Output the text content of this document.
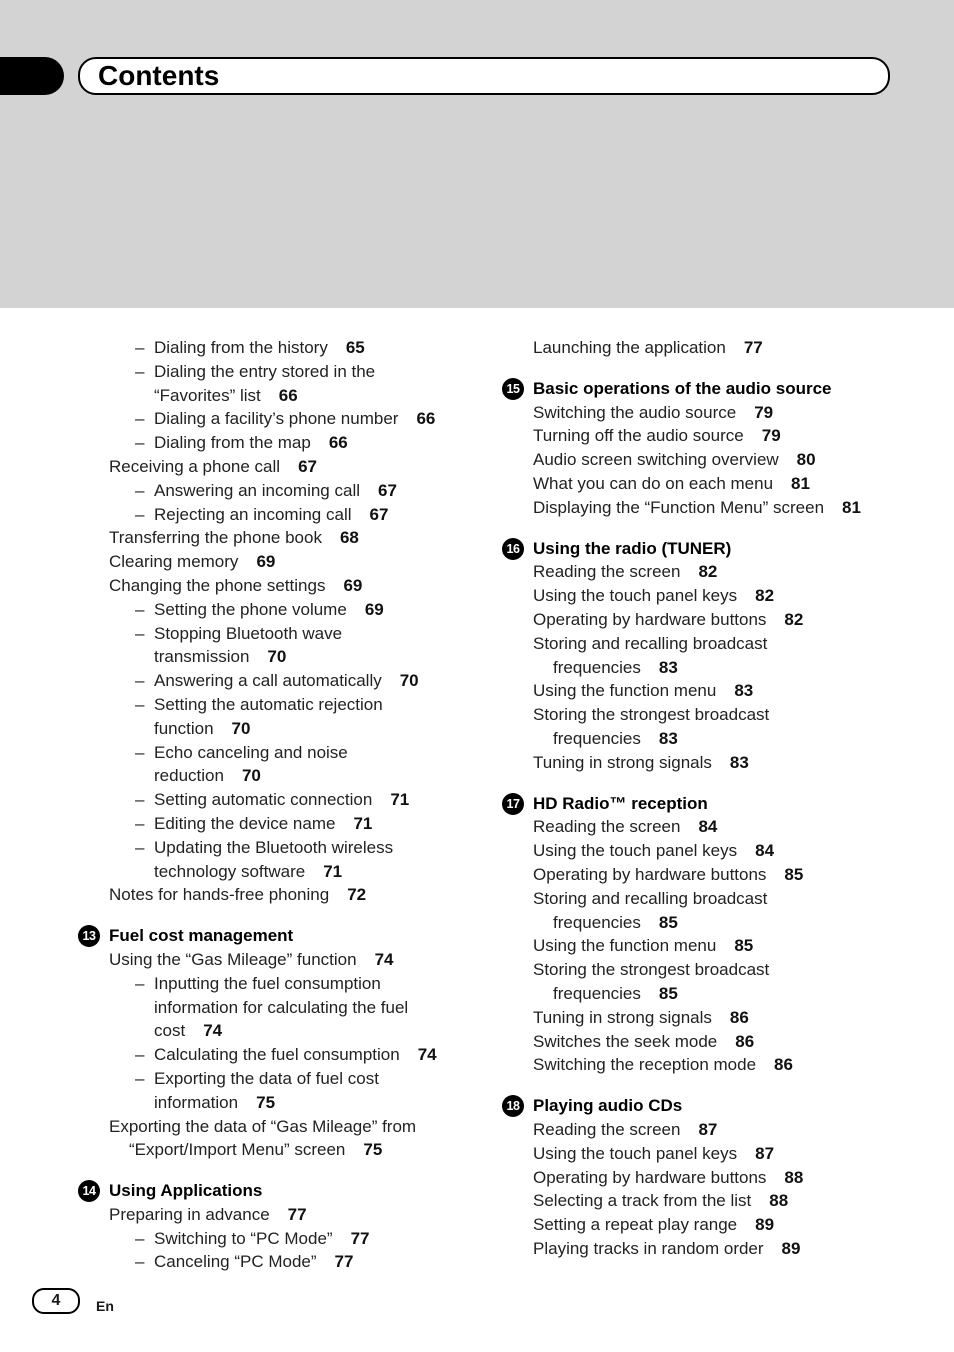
Contents
– Dialing from the history 65
– Dialing the entry stored in the
“Favorites” list 66
– Dialing a facility’s phone number 66
– Dialing from the map 66
Receiving a phone call 67
– Answering an incoming call 67
– Rejecting an incoming call 67
Transferring the phone book 68
Clearing memory 69
Changing the phone settings 69
– Setting the phone volume 69
– Stopping Bluetooth wave
transmission 70
– Answering a call automatically 70
– Setting the automatic rejection
function 70
– Echo canceling and noise
reduction 70
– Setting automatic connection 71
– Editing the device name 71
– Updating the Bluetooth wireless
technology software 71
Notes for hands-free phoning 72
13 Fuel cost management
Using the “Gas Mileage” function 74
– Inputting the fuel consumption
information for calculating the fuel
cost 74
– Calculating the fuel consumption 74
– Exporting the data of fuel cost
information 75
Exporting the data of “Gas Mileage” from
“Export/Import Menu” screen 75
14 Using Applications
Preparing in advance 77
– Switching to “PC Mode” 77
– Canceling “PC Mode” 77
Launching the application 77
15 Basic operations of the audio source
Switching the audio source 79
Turning off the audio source 79
Audio screen switching overview 80
What you can do on each menu 81
Displaying the “Function Menu” screen 81
16 Using the radio (TUNER)
Reading the screen 82
Using the touch panel keys 82
Operating by hardware buttons 82
Storing and recalling broadcast
frequencies 83
Using the function menu 83
Storing the strongest broadcast
frequencies 83
Tuning in strong signals 83
17 HD Radio™ reception
Reading the screen 84
Using the touch panel keys 84
Operating by hardware buttons 85
Storing and recalling broadcast
frequencies 85
Using the function menu 85
Storing the strongest broadcast
frequencies 85
Tuning in strong signals 86
Switches the seek mode 86
Switching the reception mode 86
18 Playing audio CDs
Reading the screen 87
Using the touch panel keys 87
Operating by hardware buttons 88
Selecting a track from the list 88
Setting a repeat play range 89
Playing tracks in random order 89
4	En
